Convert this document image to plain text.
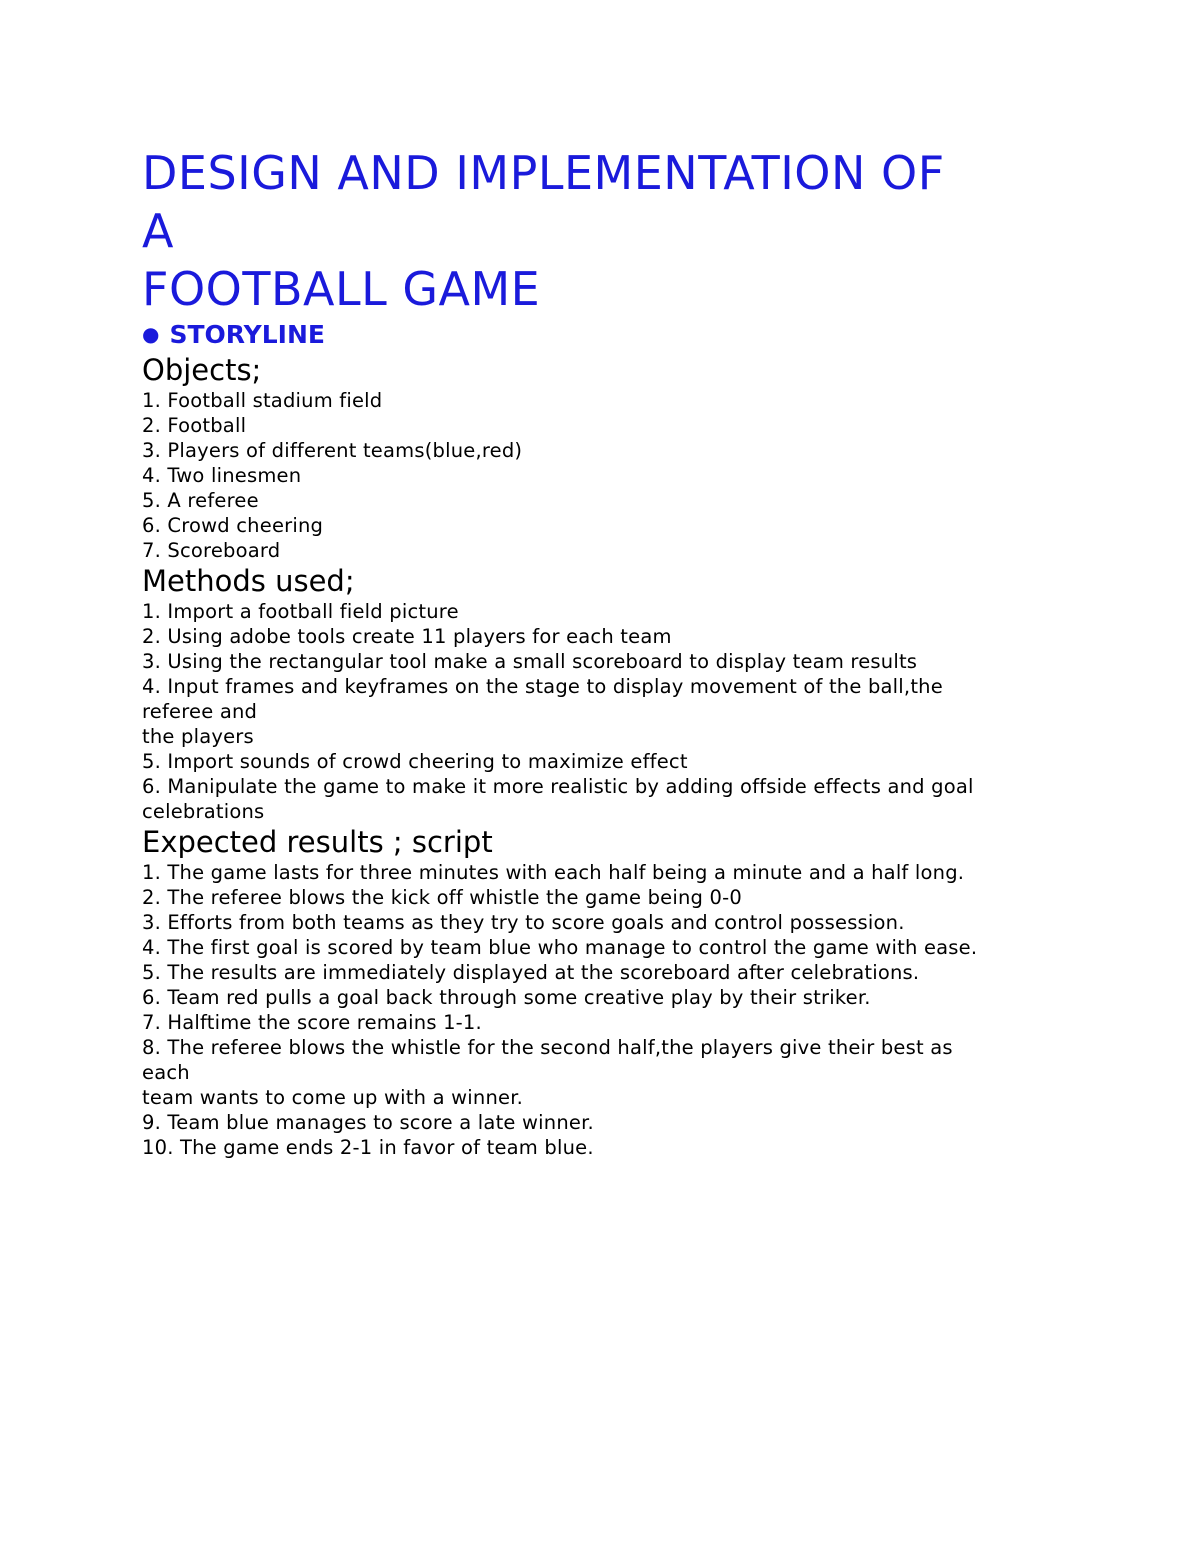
DESIGN AND IMPLEMENTATION OF
A
FOOTBALL GAME
● STORYLINE
Objects;
1. Football stadium field
2. Football
3. Players of different teams(blue,red)
4. Two linesmen
5. A referee
6. Crowd cheering
7. Scoreboard
Methods used;
1. Import a football field picture
2. Using adobe tools create 11 players for each team
3. Using the rectangular tool make a small scoreboard to display team results
4. Input frames and keyframes on the stage to display movement of the ball,the
referee and
the players
5. Import sounds of crowd cheering to maximize effect
6. Manipulate the game to make it more realistic by adding offside effects and goal
celebrations
Expected results ; script
1. The game lasts for three minutes with each half being a minute and a half long.
2. The referee blows the kick off whistle the game being 0-0
3. Efforts from both teams as they try to score goals and control possession.
4. The first goal is scored by team blue who manage to control the game with ease.
5. The results are immediately displayed at the scoreboard after celebrations.
6. Team red pulls a goal back through some creative play by their striker.
7. Halftime the score remains 1-1.
8. The referee blows the whistle for the second half,the players give their best as
each
team wants to come up with a winner.
9. Team blue manages to score a late winner.
10. The game ends 2-1 in favor of team blue.
